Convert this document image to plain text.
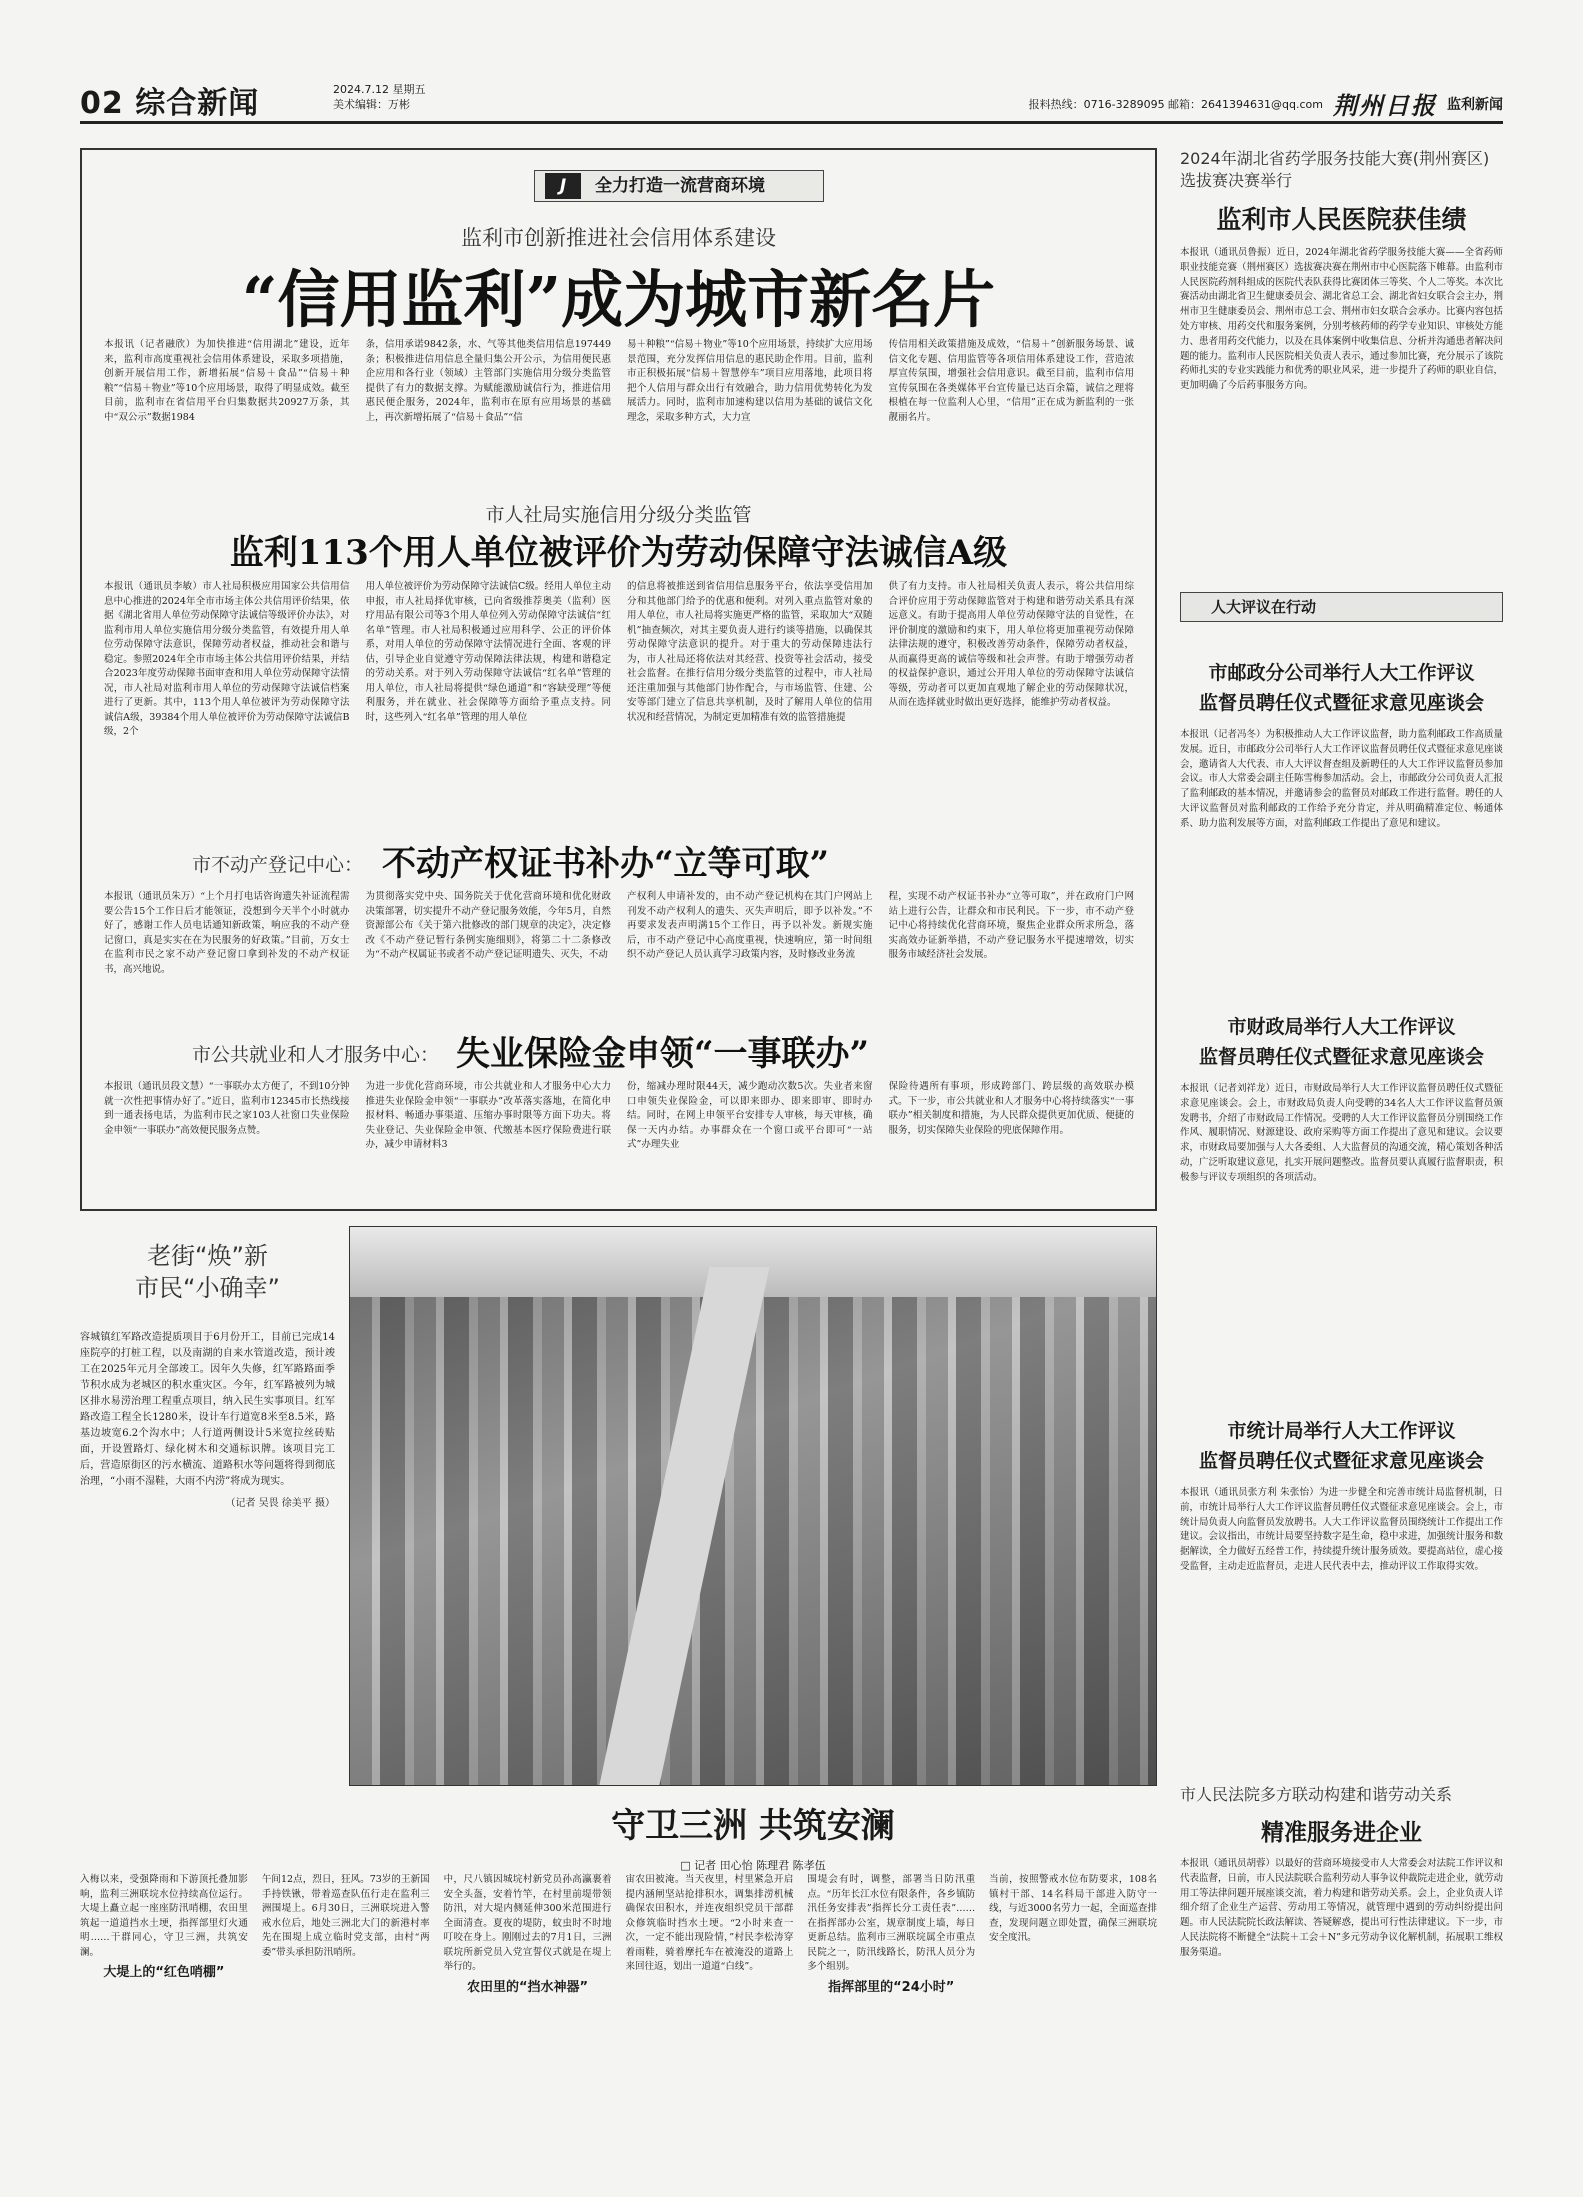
02 综合新闻	2024.7.12 星期五
美术编辑：万彬	报料热线：0716-3289095 邮箱：2641394631@qq.com 荆州日报 监利新闻
J	全力打造一流营商环境
监利市创新推进社会信用体系建设
“信用监利”成为城市新名片
本报讯（记者融欣）为加快推进“信用湖北”建设，近年来，监利市高度重视社会信用体系建设，采取多项措施，创新开展信用工作，新增拓展“信易＋食品”“信易＋种粮”“信易＋物业”等10个应用场景，取得了明显成效。截至目前，监利市在省信用平台归集数据共20927万条，其中“双公示”数据1984
条，信用承诺9842条，水、气等其他类信用信息197449条；积极推进信用信息全量归集公开公示，为信用便民惠企应用和各行业（领域）主管部门实施信用分级分类监管提供了有力的数据支撑。为赋能激励诚信行为，推进信用惠民便企服务，2024年，监利市在原有应用场景的基础上，再次新增拓展了“信易＋食品”“信
易＋种粮”“信易＋物业”等10个应用场景，持续扩大应用场景范围，充分发挥信用信息的惠民助企作用。目前，监利市正积极拓展“信易＋智慧停车”项目应用落地，此项目将把个人信用与群众出行有效融合，助力信用优势转化为发展活力。同时，监利市加速构建以信用为基础的诚信文化理念，采取多种方式，大力宣
传信用相关政策措施及成效，“信易＋”创新服务场景、诚信文化专题、信用监管等各项信用体系建设工作，营造浓厚宣传氛围，增强社会信用意识。截至目前，监利市信用宣传氛围在各类媒体平台宣传量已达百余篇，诚信之理将根植在每一位监利人心里，“信用”正在成为新监利的一张靓丽名片。
市人社局实施信用分级分类监管
监利113个用人单位被评价为劳动保障守法诚信A级
本报讯（通讯员李敏）市人社局积极应用国家公共信用信息中心推进的2024年全市市场主体公共信用评价结果，依据《湖北省用人单位劳动保障守法诚信等级评价办法》，对监利市用人单位实施信用分级分类监管，有效提升用人单位劳动保障守法意识，保障劳动者权益，推动社会和谐与稳定。参照2024年全市市场主体公共信用评价结果，并结合2023年度劳动保障书面审查和用人单位劳动保障守法情况，市人社局对监利市用人单位的劳动保障守法诚信档案进行了更新。其中，113个用人单位被评为劳动保障守法诚信A级，39384个用人单位被评价为劳动保障守法诚信B级，2个
用人单位被评价为劳动保障守法诚信C级。经用人单位主动申报，市人社局择优审核，已向省级推荐奥美（监利）医疗用品有限公司等3个用人单位列入劳动保障守法诚信“红名单”管理。市人社局积极通过应用科学、公正的评价体系，对用人单位的劳动保障守法情况进行全面、客观的评估，引导企业自觉遵守劳动保障法律法规，构建和谐稳定的劳动关系。对于列入劳动保障守法诚信“红名单”管理的用人单位，市人社局将提供“绿色通道”和“容缺受理”等便利服务，并在就业、社会保障等方面给予重点支持。同时，这些列入“红名单”管理的用人单位
的信息将被推送到省信用信息服务平台，依法享受信用加分和其他部门给予的优惠和便利。对列入重点监管对象的用人单位，市人社局将实施更严格的监管，采取加大“双随机”抽查频次，对其主要负责人进行约谈等措施，以确保其劳动保障守法意识的提升。对于重大的劳动保障违法行为，市人社局还将依法对其经营、投资等社会活动，接受社会监督。在推行信用分级分类监管的过程中，市人社局还注重加强与其他部门协作配合，与市场监管、住建、公安等部门建立了信息共享机制，及时了解用人单位的信用状况和经营情况，为制定更加精准有效的监管措施提
供了有力支持。市人社局相关负责人表示，将公共信用综合评价应用于劳动保障监管对于构建和谐劳动关系具有深远意义。有助于提高用人单位劳动保障守法的自觉性，在评价制度的激励和约束下，用人单位将更加重视劳动保障法律法规的遵守，积极改善劳动条件，保障劳动者权益，从而赢得更高的诚信等级和社会声誉。有助于增强劳动者的权益保护意识，通过公开用人单位的劳动保障守法诚信等级，劳动者可以更加直观地了解企业的劳动保障状况，从而在选择就业时做出更好选择，能维护劳动者权益。
市不动产登记中心： 不动产权证书补办“立等可取”
本报讯（通讯员朱万）“上个月打电话咨询遗失补证流程需要公告15个工作日后才能领证，没想到今天半个小时就办好了，感谢工作人员电话通知新政策，响应我的不动产登记窗口，真是实实在在为民服务的好政策。”目前，万女士在监利市民之家不动产登记窗口拿到补发的不动产权证书，高兴地说。
为贯彻落实党中央、国务院关于优化营商环境和优化财政决策部署，切实提升不动产登记服务效能，今年5月，自然资源部公布《关于第六批修改的部门规章的决定》，决定修改《不动产登记暂行条例实施细则》，将第二十二条修改为“不动产权属证书或者不动产登记证明遗失、灭失，不动
产权利人申请补发的，由不动产登记机构在其门户网站上刊发不动产权利人的遗失、灭失声明后，即予以补发。”不再要求发表声明满15个工作日，再予以补发。新规实施后，市不动产登记中心高度重视，快速响应，第一时间组织不动产登记人员认真学习政策内容，及时修改业务流
程，实现不动产权证书补办“立等可取”，并在政府门户网站上进行公告，让群众和市民利民。下一步，市不动产登记中心将持续优化营商环境，聚焦企业群众所求所急，落实高效办证新举措，不动产登记服务水平提速增效，切实服务市域经济社会发展。
市公共就业和人才服务中心： 失业保险金申领“一事联办”
本报讯（通讯员段文慧）“一事联办太方便了，不到10分钟就一次性把事情办好了。”近日，监利市12345市长热线接到一通表扬电话，为监利市民之家103人社窗口失业保险金申领“一事联办”高效便民服务点赞。
为进一步优化营商环境，市公共就业和人才服务中心大力推进失业保险金申领“一事联办”改革落实落地，在简化申报材料、畅通办事渠道、压缩办事时限等方面下功夫。将失业登记、失业保险金申领、代缴基本医疗保险费进行联办，减少申请材料3
份，缩减办理时限44天，减少跑动次数5次。失业者来窗口申领失业保险金，可以即来即办、即来即审、即时办结。同时，在网上申领平台安排专人审核，每天审核，确保一天内办结。办事群众在一个窗口或平台即可“一站式”办理失业
保险待遇所有事项，形成跨部门、跨层级的高效联办模式。下一步，市公共就业和人才服务中心将持续落实“一事联办”相关制度和措施，为人民群众提供更加优质、便捷的服务，切实保障失业保险的兜底保障作用。
老街“焕”新
市民“小确幸”
容城镇红军路改造提质项目于6月份开工，目前已完成14座院亭的打桩工程，以及南湖的自来水管道改造，预计竣工在2025年元月全部竣工。因年久失修，红军路路面季节积水成为老城区的积水重灾区。今年，红军路被列为城区排水易涝治理工程重点项目，纳入民生实事项目。红军路改造工程全长1280米，设计车行道宽8米至8.5米，路基边坡宽6.2个沟水中；人行道两侧设计5米宽拉丝砖贴面，开设置路灯、绿化树木和交通标识牌。该项目完工后，营造原街区的污水横流、道路积水等问题将得到彻底治理，“小雨不湿鞋，大雨不内涝”将成为现实。
（记者 吴畏 徐美平 摄）
守卫三洲 共筑安澜
□ 记者 田心怡 陈理君 陈孝伍
入梅以来，受强降雨和下游顶托叠加影响，监利三洲联垸水位持续高位运行。大堤上矗立起一座座防汛哨棚，农田里筑起一道道挡水土埂，指挥部里灯火通明……干群同心，守卫三洲，共筑安澜。
大堤上的“红色哨棚”
午间12点，烈日，狂风。73岁的王新国手持铁锹，带着巡查队伍行走在监利三洲围堤上。6月30日，三洲联垸进入警戒水位后，地处三洲北大门的新港村率先在围堤上成立临时党支部，由村“两委”带头承担防汛哨所。
中，尺八镇因城垸村新党员孙高瀛裹着安全头盔，安着竹竿，在村里前堤带领防汛，对大堤内侧延伸300米范围进行全面清查。夏夜的堤防，蚊虫时不时地叮咬在身上。刚刚过去的7月1日，三洲联垸所新党员入党宣誓仪式就是在堤上举行的。
农田里的“挡水神器”
宙农田被淹。当天夜里，村里紧急开启提内涵闸坚站抢排积水，调集排涝机械确保农田积水，并连夜组织党员干部群众修筑临时挡水土埂。“2小时来查一次，一定不能出现险情，”村民李松涛穿着雨鞋，骑着摩托车在被淹没的道路上来回往返，划出一道道“白线”。
围堤会有时，调整，部署当日防汛重点。“历年长江水位有限条件，各乡镇防汛任务安排表”指挥长分工责任表”……在指挥部办公室，规章制度上墙，每日更新总结。监利市三洲联垸属全市重点民院之一，防汛线路长，防汛人员分为多个组别。
指挥部里的“24小时”
当前，按照警戒水位布防要求，108名镇村干部、14名科局干部进入防守一线，与近3000名劳力一起，全面巡查排查，发现问题立即处置，确保三洲联垸安全度汛。
2024年湖北省药学服务技能大赛(荆州赛区)选拔赛决赛举行
监利市人民医院获佳绩
本报讯（通讯员鲁振）近日，2024年湖北省药学服务技能大赛——全省药师职业技能竞赛（荆州赛区）选拔赛决赛在荆州市中心医院落下帷幕。由监利市人民医院药剂科组成的医院代表队获得比赛团体三等奖、个人二等奖。本次比赛活动由湖北省卫生健康委员会、湖北省总工会、湖北省妇女联合会主办，荆州市卫生健康委员会、荆州市总工会、荆州市妇女联合会承办。比赛内容包括处方审核、用药交代和服务案例，分别考核药师的药学专业知识、审核处方能力、患者用药交代能力，以及在具体案例中收集信息、分析并沟通患者解决问题的能力。监利市人民医院相关负责人表示，通过参加比赛，充分展示了该院药师扎实的专业实践能力和优秀的职业风采，进一步提升了药师的职业自信，更加明确了今后药事服务方向。
人大评议在行动
市邮政分公司举行人大工作评议
监督员聘任仪式暨征求意见座谈会
本报讯（记者冯冬）为积极推动人大工作评议监督，助力监利邮政工作高质量发展。近日，市邮政分公司举行人大工作评议监督员聘任仪式暨征求意见座谈会，邀请省人大代表、市人大评议督查组及新聘任的人大工作评议监督员参加会议。市人大常委会副主任陈雪梅参加活动。会上，市邮政分公司负责人汇报了监利邮政的基本情况，并邀请参会的监督员对邮政工作进行监督。聘任的人大评议监督员对监利邮政的工作给予充分肯定，并从明确精准定位、畅通体系、助力监利发展等方面，对监利邮政工作提出了意见和建议。
市财政局举行人大工作评议
监督员聘任仪式暨征求意见座谈会
本报讯（记者刘祥龙）近日，市财政局举行人大工作评议监督员聘任仪式暨征求意见座谈会。会上，市财政局负责人向受聘的34名人大工作评议监督员颁发聘书，介绍了市财政局工作情况。受聘的人大工作评议监督员分别围绕工作作风、履职情况、财源建设、政府采购等方面工作提出了意见和建议。会议要求，市财政局要加强与人大各委组、人大监督员的沟通交流，精心策划各种活动，广泛听取建议意见，扎实开展问题整改。监督员要认真履行监督职责，积极参与评议专项组织的各项活动。
市统计局举行人大工作评议
监督员聘任仪式暨征求意见座谈会
本报讯（通讯员张方利 朱张怡）为进一步健全和完善市统计局监督机制，日前，市统计局举行人大工作评议监督员聘任仪式暨征求意见座谈会。会上，市统计局负责人向监督员发放聘书。人大工作评议监督员围绕统计工作提出工作建议。会议指出，市统计局要坚持数字是生命，稳中求进，加强统计服务和数据解读，全力做好五经普工作，持续提升统计服务质效。要提高站位，虚心接受监督，主动走近监督员，走进人民代表中去，推动评议工作取得实效。
市人民法院多方联动构建和谐劳动关系
精准服务进企业
本报讯（通讯员胡蓉）以最好的营商环境接受市人大常委会对法院工作评议和代表监督，日前，市人民法院联合监利劳动人事争议仲裁院走进企业，就劳动用工等法律问题开展座谈交流，着力构建和谐劳动关系。会上，企业负责人详细介绍了企业生产运营、劳动用工等情况，就管理中遇到的劳动纠纷提出问题。市人民法院院长政法解读、答疑解惑，提出可行性法律建议。下一步，市人民法院将不断健全“法院＋工会＋N”多元劳动争议化解机制，拓展职工维权服务渠道。
